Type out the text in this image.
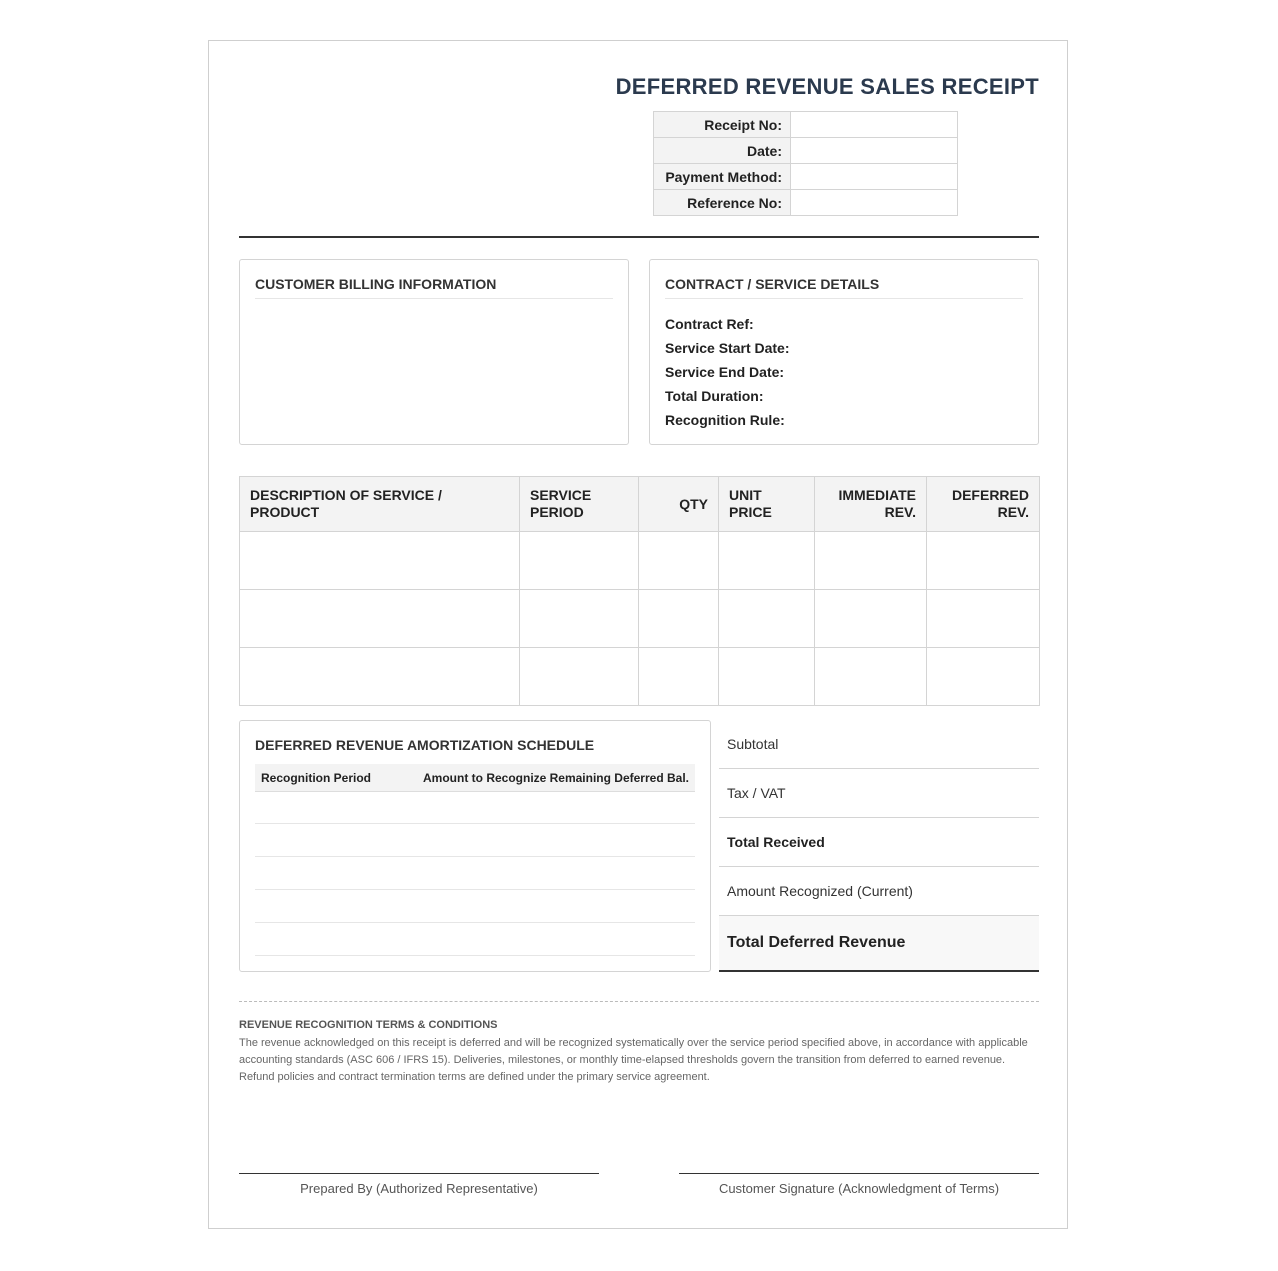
DEFERRED REVENUE SALES RECEIPT
Receipt No:	
Date:	
Payment Method:	
Reference No:	
CUSTOMER BILLING INFORMATION	CONTRACT / SERVICE DETAILS
Contract Ref:
Service Start Date:
Service End Date:
Total Duration:
Recognition Rule:
DESCRIPTION OF SERVICE / PRODUCT	SERVICE PERIOD	QTY	UNIT PRICE	IMMEDIATE REV.	DEFERRED REV.

DEFERRED REVENUE AMORTIZATION SCHEDULE
Recognition Period	Amount to Recognize Remaining Deferred Bal.
Subtotal
Tax / VAT
Total Received
Amount Recognized (Current)
Total Deferred Revenue
REVENUE RECOGNITION TERMS & CONDITIONS
The revenue acknowledged on this receipt is deferred and will be recognized systematically over the service period specified above, in accordance with applicable accounting standards (ASC 606 / IFRS 15). Deliveries, milestones, or monthly time-elapsed thresholds govern the transition from deferred to earned revenue. Refund policies and contract termination terms are defined under the primary service agreement.
Prepared By (Authorized Representative)	Customer Signature (Acknowledgment of Terms)
